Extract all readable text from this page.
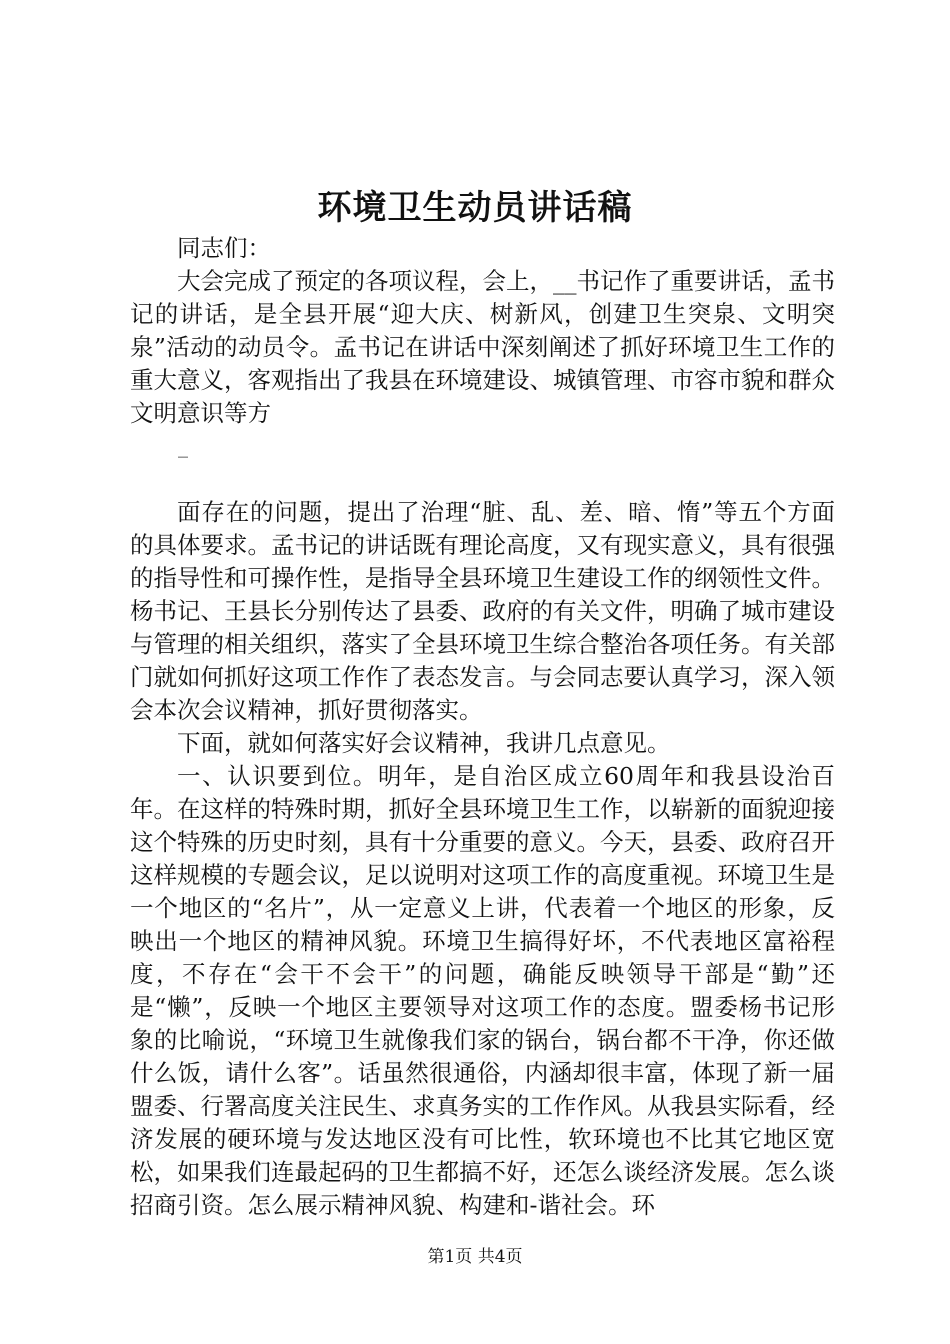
环境卫生动员讲话稿

同志们：

大会完成了预定的各项议程，会上，__书记作了重要讲话，孟书记的讲话，是全县开展“迎大庆、树新风，创建卫生突泉、文明突泉”活动的动员令。孟书记在讲话中深刻阐述了抓好环境卫生工作的重大意义，客观指出了我县在环境建设、城镇管理、市容市貌和群众文明意识等方

_

面存在的问题，提出了治理“脏、乱、差、暗、惰”等五个方面的具体要求。孟书记的讲话既有理论高度，又有现实意义，具有很强的指导性和可操作性，是指导全县环境卫生建设工作的纲领性文件。杨书记、王县长分别传达了县委、政府的有关文件，明确了城市建设与管理的相关组织，落实了全县环境卫生综合整治各项任务。有关部门就如何抓好这项工作作了表态发言。与会同志要认真学习，深入领会本次会议精神，抓好贯彻落实。

下面，就如何落实好会议精神，我讲几点意见。

一、认识要到位。明年，是自治区成立60周年和我县设治百年。在这样的特殊时期，抓好全县环境卫生工作，以崭新的面貌迎接这个特殊的历史时刻，具有十分重要的意义。今天，县委、政府召开这样规模的专题会议，足以说明对这项工作的高度重视。环境卫生是一个地区的“名片”，从一定意义上讲，代表着一个地区的形象，反映出一个地区的精神风貌。环境卫生搞得好坏，不代表地区富裕程度，不存在“会干不会干”的问题，确能反映领导干部是“勤”还是“懒”，反映一个地区主要领导对这项工作的态度。盟委杨书记形象的比喻说，“环境卫生就像我们家的锅台，锅台都不干净，你还做什么饭，请什么客”。话虽然很通俗，内涵却很丰富，体现了新一届盟委、行署高度关注民生、求真务实的工作作风。从我县实际看，经济发展的硬环境与发达地区没有可比性，软环境也不比其它地区宽松，如果我们连最起码的卫生都搞不好，还怎么谈经济发展。怎么谈招商引资。怎么展示精神风貌、构建和-谐社会。环

第1页 共4页
